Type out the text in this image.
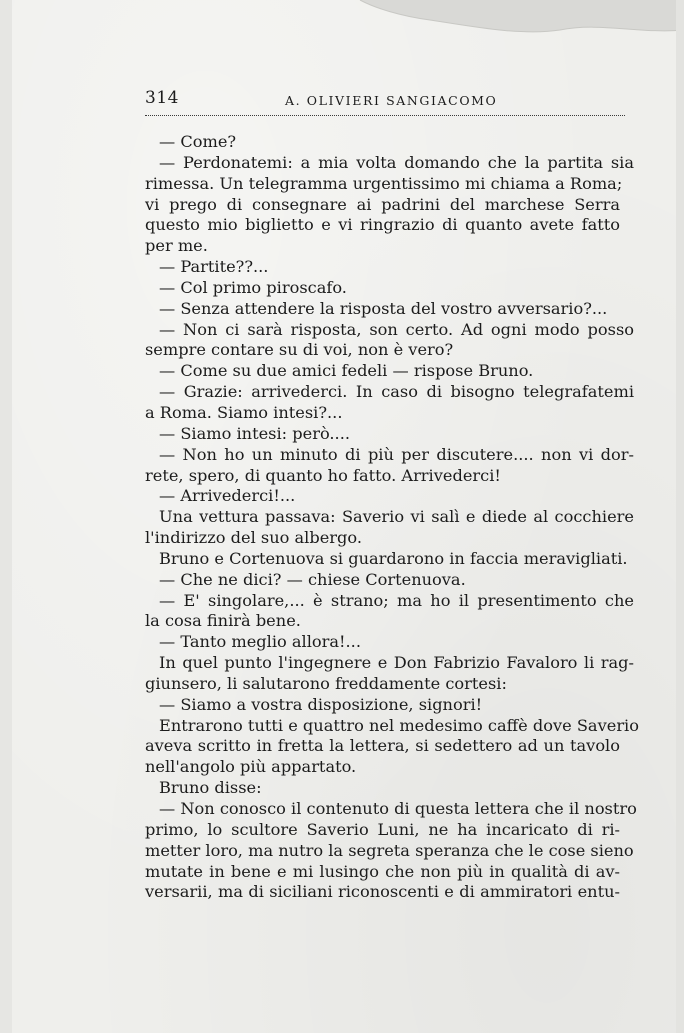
314	A. OLIVIERI SANGIACOMO
— Come?
— Perdonatemi: a mia volta domando che la partita sia
rimessa. Un telegramma urgentissimo mi chiama a Roma;
vi prego di consegnare ai padrini del marchese Serra
questo mio biglietto e vi ringrazio di quanto avete fatto
per me.
— Partite??...
— Col primo piroscafo.
— Senza attendere la risposta del vostro avversario?...
— Non ci sarà risposta, son certo. Ad ogni modo posso
sempre contare su di voi, non è vero?
— Come su due amici fedeli — rispose Bruno.
— Grazie: arrivederci. In caso di bisogno telegrafatemi
a Roma. Siamo intesi?...
— Siamo intesi: però....
— Non ho un minuto di più per discutere.... non vi dor-
rete, spero, di quanto ho fatto. Arrivederci!
— Arrivederci!...
Una vettura passava: Saverio vi salì e diede al cocchiere
l'indirizzo del suo albergo.
Bruno e Cortenuova si guardarono in faccia meravigliati.
— Che ne dici? — chiese Cortenuova.
— E' singolare,... è strano; ma ho il presentimento che
la cosa finirà bene.
— Tanto meglio allora!...
In quel punto l'ingegnere e Don Fabrizio Favaloro li rag-
giunsero, li salutarono freddamente cortesi:
— Siamo a vostra disposizione, signori!
Entrarono tutti e quattro nel medesimo caffè dove Saverio
aveva scritto in fretta la lettera, si sedettero ad un tavolo
nell'angolo più appartato.
Bruno disse:
— Non conosco il contenuto di questa lettera che il nostro
primo, lo scultore Saverio Luni, ne ha incaricato di ri-
metter loro, ma nutro la segreta speranza che le cose sieno
mutate in bene e mi lusingo che non più in qualità di av-
versarii, ma di siciliani riconoscenti e di ammiratori entu-
